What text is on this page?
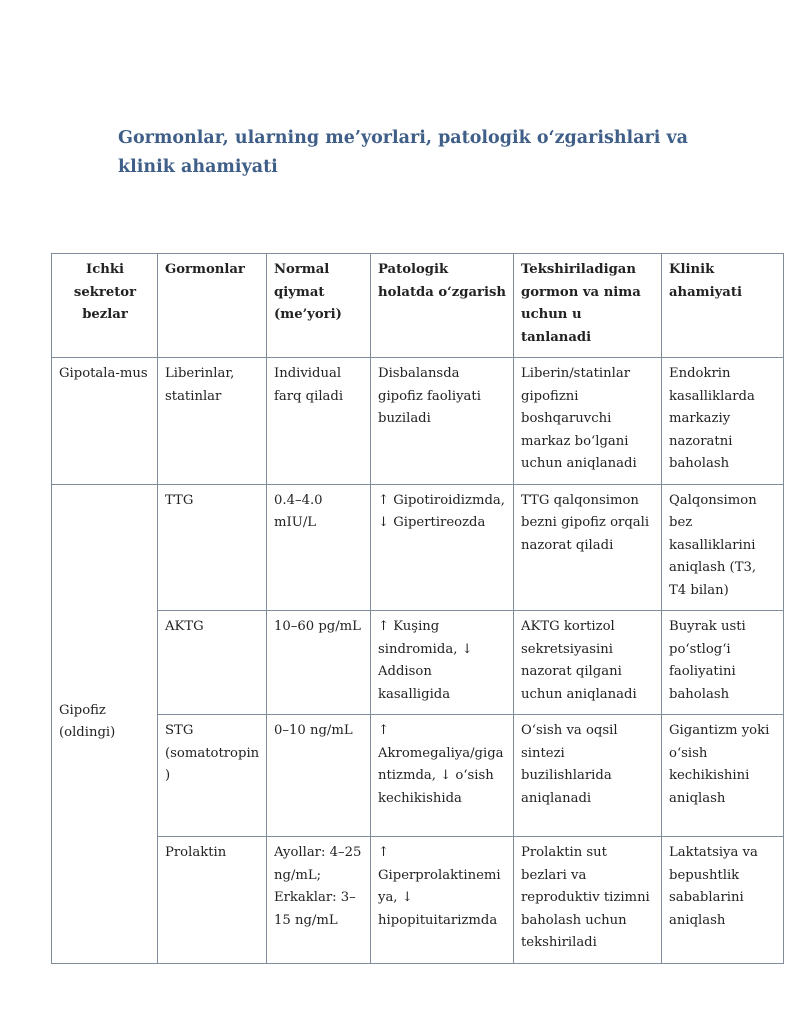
Gormonlar, ularning me’yorlari, patologik o‘zgarishlari va klinik ahamiyati
Ichki sekretor bezlar	Gormonlar	Normal qiymat (me’yori)	Patologik holatda o‘zgarish	Tekshiriladigan gormon va nima uchun u tanlanadi	Klinik ahamiyati
Gipotala-mus	Liberinlar, statinlar	Individual farq qiladi	Disbalansda gipofiz faoliyati buziladi	Liberin/statinlar gipofizni boshqaruvchi markaz bo‘lgani uchun aniqlanadi	Endokrin kasalliklarda markaziy nazoratni baholash
Gipofiz (oldingi)	TTG	0.4–4.0 mIU/L	↑ Gipotiroidizmda, ↓ Gipertireozda	TTG qalqonsimon bezni gipofiz orqali nazorat qiladi	Qalqonsimon bez kasalliklarini aniqlash (T3, T4 bilan)
	AKTG	10–60 pg/mL	↑ Kuşing sindromida, ↓ Addison kasalligida	AKTG kortizol sekretsiyasini nazorat qilgani uchun aniqlanadi	Buyrak usti po‘stlog‘i faoliyatini baholash
	STG (somatotropin)	0–10 ng/mL	↑ Akromegaliya/gigantizmda, ↓ o‘sish kechikishida	O‘sish va oqsil sintezi buzilishlarida aniqlanadi	Gigantizm yoki o‘sish kechikishini aniqlash
	Prolaktin	Ayollar: 4–25 ng/mL; Erkaklar: 3–15 ng/mL	↑ Giperprolaktinemiya, ↓ hipopituitarizmda	Prolaktin sut bezlari va reproduktiv tizimni baholash uchun tekshiriladi	Laktatsiya va bepushtlik sabablarini aniqlash
